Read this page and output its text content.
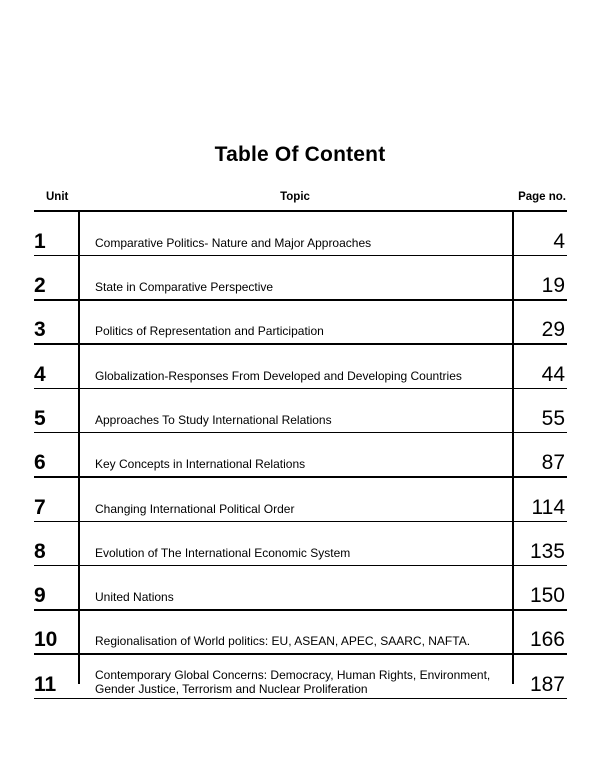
Table Of Content
Unit	Topic	Page no.
1	Comparative Politics- Nature and Major Approaches	4
2	State in Comparative Perspective	19
3	Politics of Representation and Participation	29
4	Globalization-Responses From Developed and Developing Countries	44
5	Approaches To Study International Relations	55
6	Key Concepts in International Relations	87
7	Changing International Political Order	114
8	Evolution of The International Economic System	135
9	United Nations	150
10	Regionalisation of World politics: EU, ASEAN, APEC, SAARC, NAFTA.	166
11	Contemporary Global Concerns: Democracy, Human Rights, Environment, Gender Justice, Terrorism and Nuclear Proliferation	187
